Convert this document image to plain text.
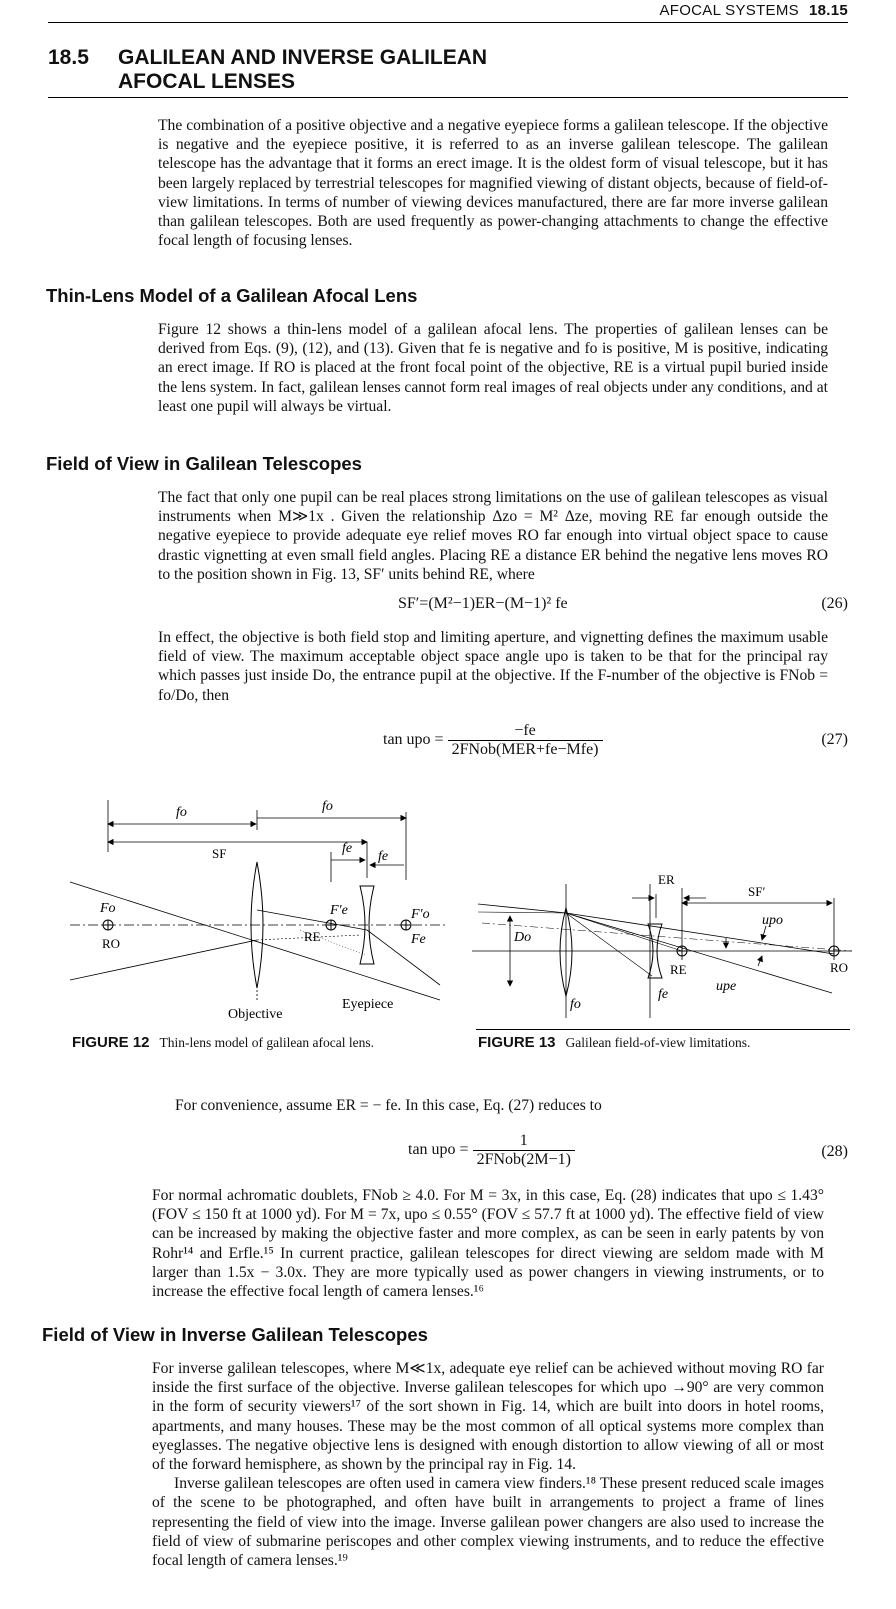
AFOCAL SYSTEMS 18.15
18.5 GALILEAN AND INVERSE GALILEAN
AFOCAL LENSES
The combination of a positive objective and a negative eyepiece forms a galilean telescope. If the objective is negative and the eyepiece positive, it is referred to as an inverse galilean telescope. The galilean telescope has the advantage that it forms an erect image. It is the oldest form of visual telescope, but it has been largely replaced by terrestrial telescopes for magnified viewing of distant objects, because of field-of-view limitations. In terms of number of viewing devices manufactured, there are far more inverse galilean than galilean telescopes. Both are used frequently as power-changing attachments to change the effective focal length of focusing lenses.
Thin-Lens Model of a Galilean Afocal Lens
Figure 12 shows a thin-lens model of a galilean afocal lens. The properties of galilean lenses can be derived from Eqs. (9), (12), and (13). Given that fe is negative and fo is positive, M is positive, indicating an erect image. If RO is placed at the front focal point of the objective, RE is a virtual pupil buried inside the lens system. In fact, galilean lenses cannot form real images of real objects under any conditions, and at least one pupil will always be virtual.
Field of View in Galilean Telescopes
The fact that only one pupil can be real places strong limitations on the use of galilean telescopes as visual instruments when M≫1x . Given the relationship Δzo = M² Δze, moving RE far enough outside the negative eyepiece to provide adequate eye relief moves RO far enough into virtual object space to cause drastic vignetting at even small field angles. Placing RE a distance ER behind the negative lens moves RO to the position shown in Fig. 13, SF′ units behind RE, where
SF′=(M²−1)ER−(M−1)² fe	(26)
In effect, the objective is both field stop and limiting aperture, and vignetting defines the maximum usable field of view. The maximum acceptable object space angle upo is taken to be that for the principal ray which passes just inside Do, the entrance pupil at the objective. If the F-number of the objective is FNob = fo/Do, then
tan upo = $\frac{-fe}{\text{2FNob(MER+fe−Mfe)}}$	(27)
fo	fo
SF	fe
fe
Fo
RO
F′e
RE
F′o
Fe
Objective
Eyepiece
FIGURE 12 Thin-lens model of galilean afocal lens.
ER
SF′
upo
Do
RE	RO
upe
fo
fe
FIGURE 13 Galilean field-of-view limitations.
For convenience, assume ER = − fe. In this case, Eq. (27) reduces to
tan upo = $\frac{1}{\text{2FNob(2M−1)}}$	(28)
For normal achromatic doublets, FNob ≥ 4.0. For M = 3x, in this case, Eq. (28) indicates that upo ≤ 1.43° (FOV ≤ 150 ft at 1000 yd). For M = 7x, upo ≤ 0.55° (FOV ≤ 57.7 ft at 1000 yd). The effective field of view can be increased by making the objective faster and more complex, as can be seen in early patents by von Rohr¹⁴ and Erfle.¹⁵ In current practice, galilean telescopes for direct viewing are seldom made with M larger than 1.5x − 3.0x. They are more typically used as power changers in viewing instruments, or to increase the effective focal length of camera lenses.¹⁶
Field of View in Inverse Galilean Telescopes
For inverse galilean telescopes, where M≪1x, adequate eye relief can be achieved without moving RO far inside the first surface of the objective. Inverse galilean telescopes for which upo →90° are very common in the form of security viewers¹⁷ of the sort shown in Fig. 14, which are built into doors in hotel rooms, apartments, and many houses. These may be the most common of all optical systems more complex than eyeglasses. The negative objective lens is designed with enough distortion to allow viewing of all or most of the forward hemisphere, as shown by the principal ray in Fig. 14.
Inverse galilean telescopes are often used in camera view finders.¹⁸ These present reduced scale images of the scene to be photographed, and often have built in arrangements to project a frame of lines representing the field of view into the image. Inverse galilean power changers are also used to increase the field of view of submarine periscopes and other complex viewing instruments, and to reduce the effective focal length of camera lenses.¹⁹
